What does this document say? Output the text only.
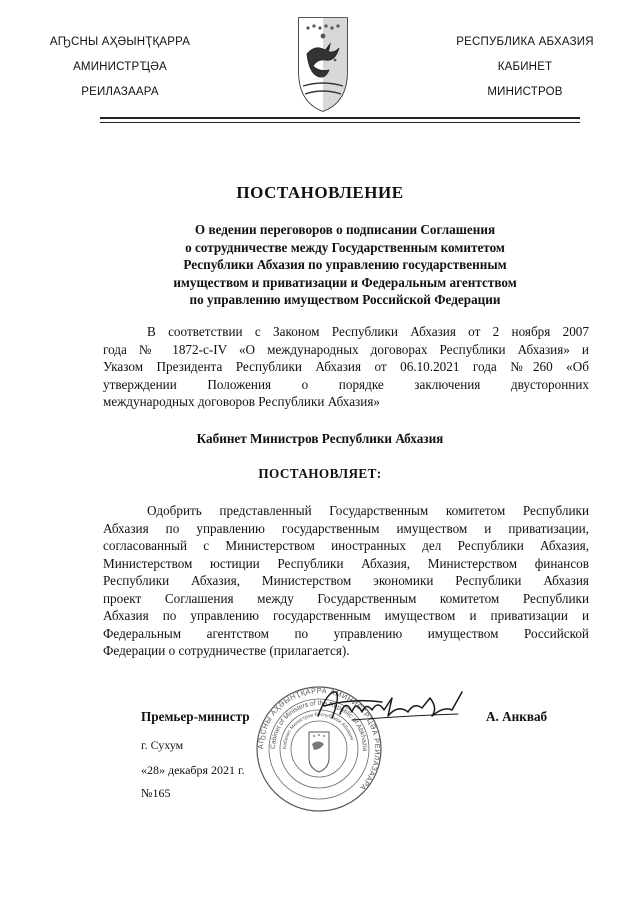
АҦСНЫ АҲӘЫНҬҚАРРА
АМИНИСТРҴӘА
РЕИЛАЗААРА
РЕСПУБЛИКА АБХАЗИЯ
КАБИНЕТ
МИНИСТРОВ
ПОСТАНОВЛЕНИЕ
О ведении переговоров о подписании Соглашения
о сотрудничестве между Государственным комитетом
Республики Абхазия по управлению государственным
имуществом и приватизации и Федеральным агентством
по управлению имуществом Российской Федерации
В соответствии с Законом Республики Абхазия от 2 ноября 2007
года № 1872-с-IV «О международных договорах Республики Абхазия» и
Указом Президента Республики Абхазия от 06.10.2021 года №260 «Об
утверждении Положения о порядке заключения двусторонних
международных договоров Республики Абхазия»
Кабинет Министров Республики Абхазия
ПОСТАНОВЛЯЕТ:
Одобрить представленный Государственным комитетом Республики
Абхазия по управлению государственным имуществом и приватизации,
согласованный с Министерством иностранных дел Республики Абхазия,
Министерством юстиции Республики Абхазия, Министерством финансов
Республики Абхазия, Министерством экономики Республики Абхазия
проект Соглашения между Государственным комитетом Республики
Абхазия по управлению государственным имуществом и приватизации и
Федеральным агентством по управлению имуществом Российской
Федерации о сотрудничестве (прилагается).
АҦСНЫ АҲӘЫНҬҚАРРА АМИНИСТРҴӘА РЕИЛАЗААРА
Cabinet of Ministers of the Republic of Abkhazia
Кабинет Министров Республики Абхазия
Премьер-министр	А. Анкваб
г. Сухум
«28» декабря 2021 г.
№165
